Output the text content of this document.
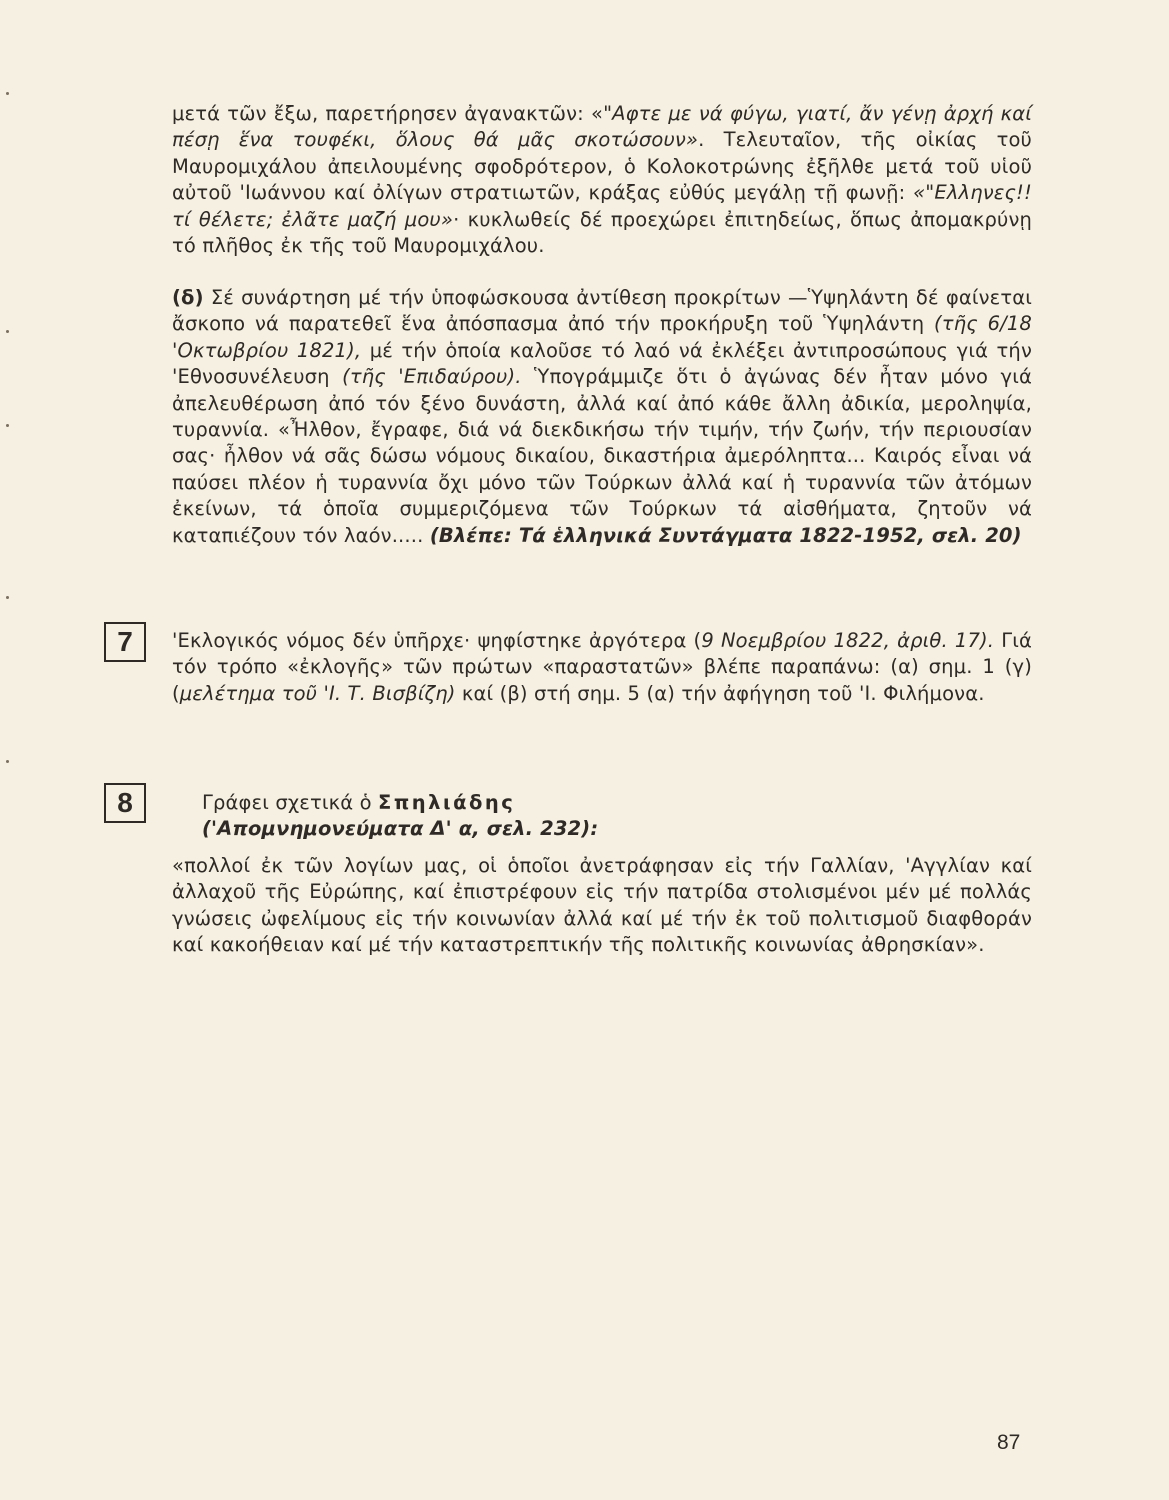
μετά τῶν ἔξω, παρετήρησεν ἀγανακτῶν: «"Αφτε με νά φύγω, γιατί, ἄν γένῃ ἀρχή καί πέσῃ ἕνα τουφέκι, ὅλους θά μᾶς σκοτώσουν». Τελευταῖον, τῆς οἰκίας τοῦ Μαυρομιχάλου ἀπειλουμένης σφοδρότερον, ὁ Κολοκοτρώνης ἐξῆλθε μετά τοῦ υἱοῦ αὐτοῦ 'Ιωάννου καί ὀλίγων στρατιωτῶν, κράξας εὐθύς μεγάλῃ τῇ φωνῇ: «"Ελληνες!! τί θέλετε; ἐλᾶτε μαζή μου»· κυκλωθείς δέ προεχώρει ἐπιτηδείως, ὅπως ἀπομακρύνῃ τό πλῆθος ἐκ τῆς τοῦ Μαυρομιχάλου.

(δ) Σέ συνάρτηση μέ τήν ὑποφώσκουσα ἀντίθεση προκρίτων —Ὑψηλάντη δέ φαίνεται ἄσκοπο νά παρατεθεῖ ἕνα ἀπόσπασμα ἀπό τήν προκήρυξη τοῦ Ὑψηλάντη (τῆς 6/18 'Οκτωβρίου 1821), μέ τήν ὁποία καλοῦσε τό λαό νά ἐκλέξει ἀντιπροσώπους γιά τήν 'Εθνοσυνέλευση (τῆς 'Επιδαύρου). Ὑπογράμμιζε ὅτι ὁ ἀγώνας δέν ἦταν μόνο γιά ἀπελευθέρωση ἀπό τόν ξένο δυνάστη, ἀλλά καί ἀπό κάθε ἄλλη ἀδικία, μεροληψία, τυραννία. «Ἦλθον, ἔγραφε, διά νά διεκδικήσω τήν τιμήν, τήν ζωήν, τήν περιουσίαν σας· ἦλθον νά σᾶς δώσω νόμους δικαίου, δικαστήρια ἀμερόληπτα... Καιρός εἶναι νά παύσει πλέον ἡ τυραννία ὄχι μόνο τῶν Τούρκων ἀλλά καί ἡ τυραννία τῶν ἀτόμων ἐκείνων, τά ὁποῖα συμμεριζόμενα τῶν Τούρκων τά αἰσθήματα, ζητοῦν νά καταπιέζουν τόν λαόν..... (Βλέπε: Τά ἑλληνικά Συντάγματα 1822-1952, σελ. 20)

7	'Εκλογικός νόμος δέν ὑπῆρχε· ψηφίστηκε ἀργότερα (9 Νοεμβρίου 1822, ἀριθ. 17). Γιά τόν τρόπο «ἐκλογῆς» τῶν πρώτων «παραστατῶν» βλέπε παραπάνω: (α) σημ. 1 (γ) (μελέτημα τοῦ 'Ι. Τ. Βισβίζη) καί (β) στή σημ. 5 (α) τήν ἀφήγηση τοῦ 'Ι. Φιλήμονα.

8	Γράφει σχετικά ὁ Σπηλιάδης

('Απομνημονεύματα Δ' α, σελ. 232):

«πολλοί ἐκ τῶν λογίων μας, οἱ ὁποῖοι ἀνετράφησαν εἰς τήν Γαλλίαν, 'Αγγλίαν καί ἀλλαχοῦ τῆς Εὐρώπης, καί ἐπιστρέφουν εἰς τήν πατρίδα στολισμένοι μέν μέ πολλάς γνώσεις ὠφελίμους εἰς τήν κοινωνίαν ἀλλά καί μέ τήν ἐκ τοῦ πολιτισμοῦ διαφθοράν καί κακοήθειαν καί μέ τήν καταστρεπτικήν τῆς πολιτικῆς κοινωνίας ἀθρησκίαν».

87
